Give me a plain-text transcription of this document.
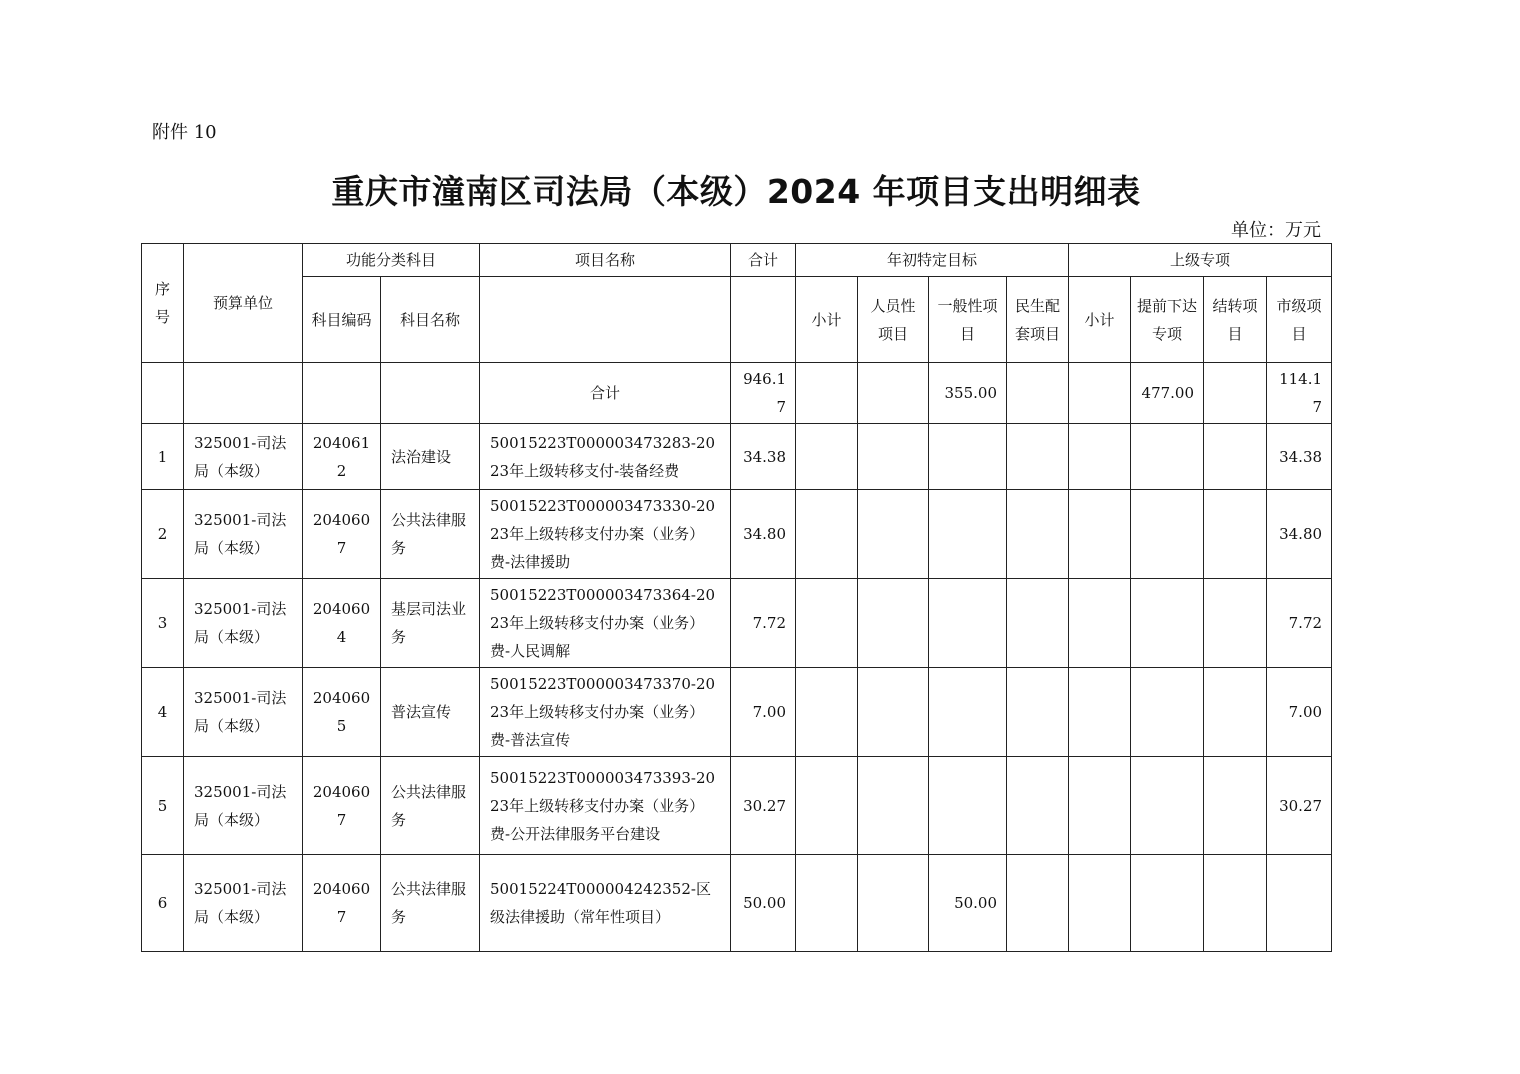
附件 10
重庆市潼南区司法局（本级）2024 年项目支出明细表
单位：万元
序号	预算单位	功能分类科目		项目名称	合计	年初特定目标				上级专项			
		科目编码	科目名称			小计	人员性项目	一般性项目	民生配套项目	小计	提前下达专项	结转项目	市级项目
				合计	946.17			355.00			477.00		114.17
1	325001-司法局（本级）	2040612	法治建设	50015223T000003473283-2023年上级转移支付-装备经费	34.38								34.38
2	325001-司法局（本级）	2040607	公共法律服务	50015223T000003473330-2023年上级转移支付办案（业务）费-法律援助	34.80								34.80
3	325001-司法局（本级）	2040604	基层司法业务	50015223T000003473364-2023年上级转移支付办案（业务）费-人民调解	7.72								7.72
4	325001-司法局（本级）	2040605	普法宣传	50015223T000003473370-2023年上级转移支付办案（业务）费-普法宣传	7.00								7.00
5	325001-司法局（本级）	2040607	公共法律服务	50015223T000003473393-2023年上级转移支付办案（业务）费-公开法律服务平台建设	30.27								30.27
6	325001-司法局（本级）	2040607	公共法律服务	50015224T000004242352-区级法律援助（常年性项目）	50.00			50.00					
